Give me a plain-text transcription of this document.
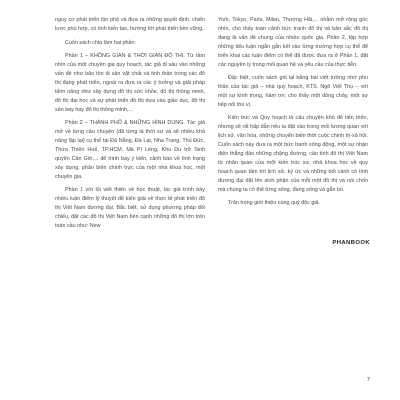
nguy cơ phát triển lộn phộ và đưa ra những quyết định, chiến lược phù hợp, có tính kiến tạo, hướng tới phát triển bền vững.

Cuốn sách chia làm hai phần:

Phần 1 – KHÔNG GIAN & THỜI GIAN ĐÔ THỊ. Từ tầm nhìn của một chuyên gia quy hoạch, tác giả đi sâu vào những vấn đề như bảo tồn di sản vật chất và tinh thần trong các đô thị đang phát triển, ngoài ra đưa ra các ý tưởng và giải pháp tiềm năng như xây dựng đô thị sức khỏe, đô thị thông minh, đô thị đại học và sự phát triển đô thị dựa vào giáo dục, đô thị sân bay hay đô thị thông minh,...

Phần 2 – THÀNH PHỐ & NHỮNG HÌNH DUNG. Tác giả mở về từng câu chuyện (đã từng là thời sự và sẽ nhiều khả năng lặp lại) cụ thể tại Đà Nẵng, Đà Lạt, Nha Trang, Thủ Đức, Thừa Thiên Huế, TP.HCM, Mả Pì Lèng, Khu Du trữ Sinh quyển Cần Giờ,... để trình bày ý kiến, cảnh báo về tình trạng xây dựng, phản biện chính trực của một nhà khoa học, một chuyên gia.

Phần 1 với lối viết thiên về học thuật, tác giả trình bày nhiều luận điểm lý thuyết để kiến giải về thực tế phát triển đô thị Việt Nam đương đại. Bắc biệt, sử dụng phương pháp đối chiếu, đặt các đô thị Việt Nam bên cạnh những đô thị lớn trên toàn cầu như: New

York, Tokyo, Paris, Milan, Thượng Hải,... nhằm mở rộng góc nhìn, cho thấy toàn cảnh bức tranh đô thị và bản sắc đô thị đang là vấn đề chung của nhiều quốc gia. Phần 2, tập hợp những tiểu luận ngắn gắn kết vào từng trường hợp cụ thể để triển khai các luận điểm có thể đã được đưa ra ở Phần 1, đặt các nguyên lý trong mối quan hệ và yêu cầu của thực tiễn.

Đặc biệt, cuốn sách gói lại bằng bài viết tường nhớ phu thân của tác giả – nhà quy hoạch, KTS. Ngô Viết Thụ – với một sự kính trọng, hàm ơn; cho thấy một dòng chảy, một sự tiếp nối thú vị.

Kiến trúc và Quy hoạch là câu chuyện khó để tiến triển, nhưng sẽ rất hấp dẫn nếu ta đặt vào trong mối tương quan với lịch sử, văn hóa, những chuyển biến thời cuộc chính trị-xã hội. Cuốn sách này đưa ra một bức tranh sống động, một sự nhận diện thẳng đáo những chặng đường, cần tính đô thị Việt Nam từ nhãn quan của một kiến trúc sư, nhà khoa học về quy hoạch quan tâm tới lịch sử, ký ức và những bối cảnh có tính đương đại đặt lên sinh phận của mỗi một đô thị và nói chốn mà chúng ta có thể từng sống, đang sống và gắn bó.

Trân trọng giới thiệu cùng quý độc giả.

PHANBOOK
7
